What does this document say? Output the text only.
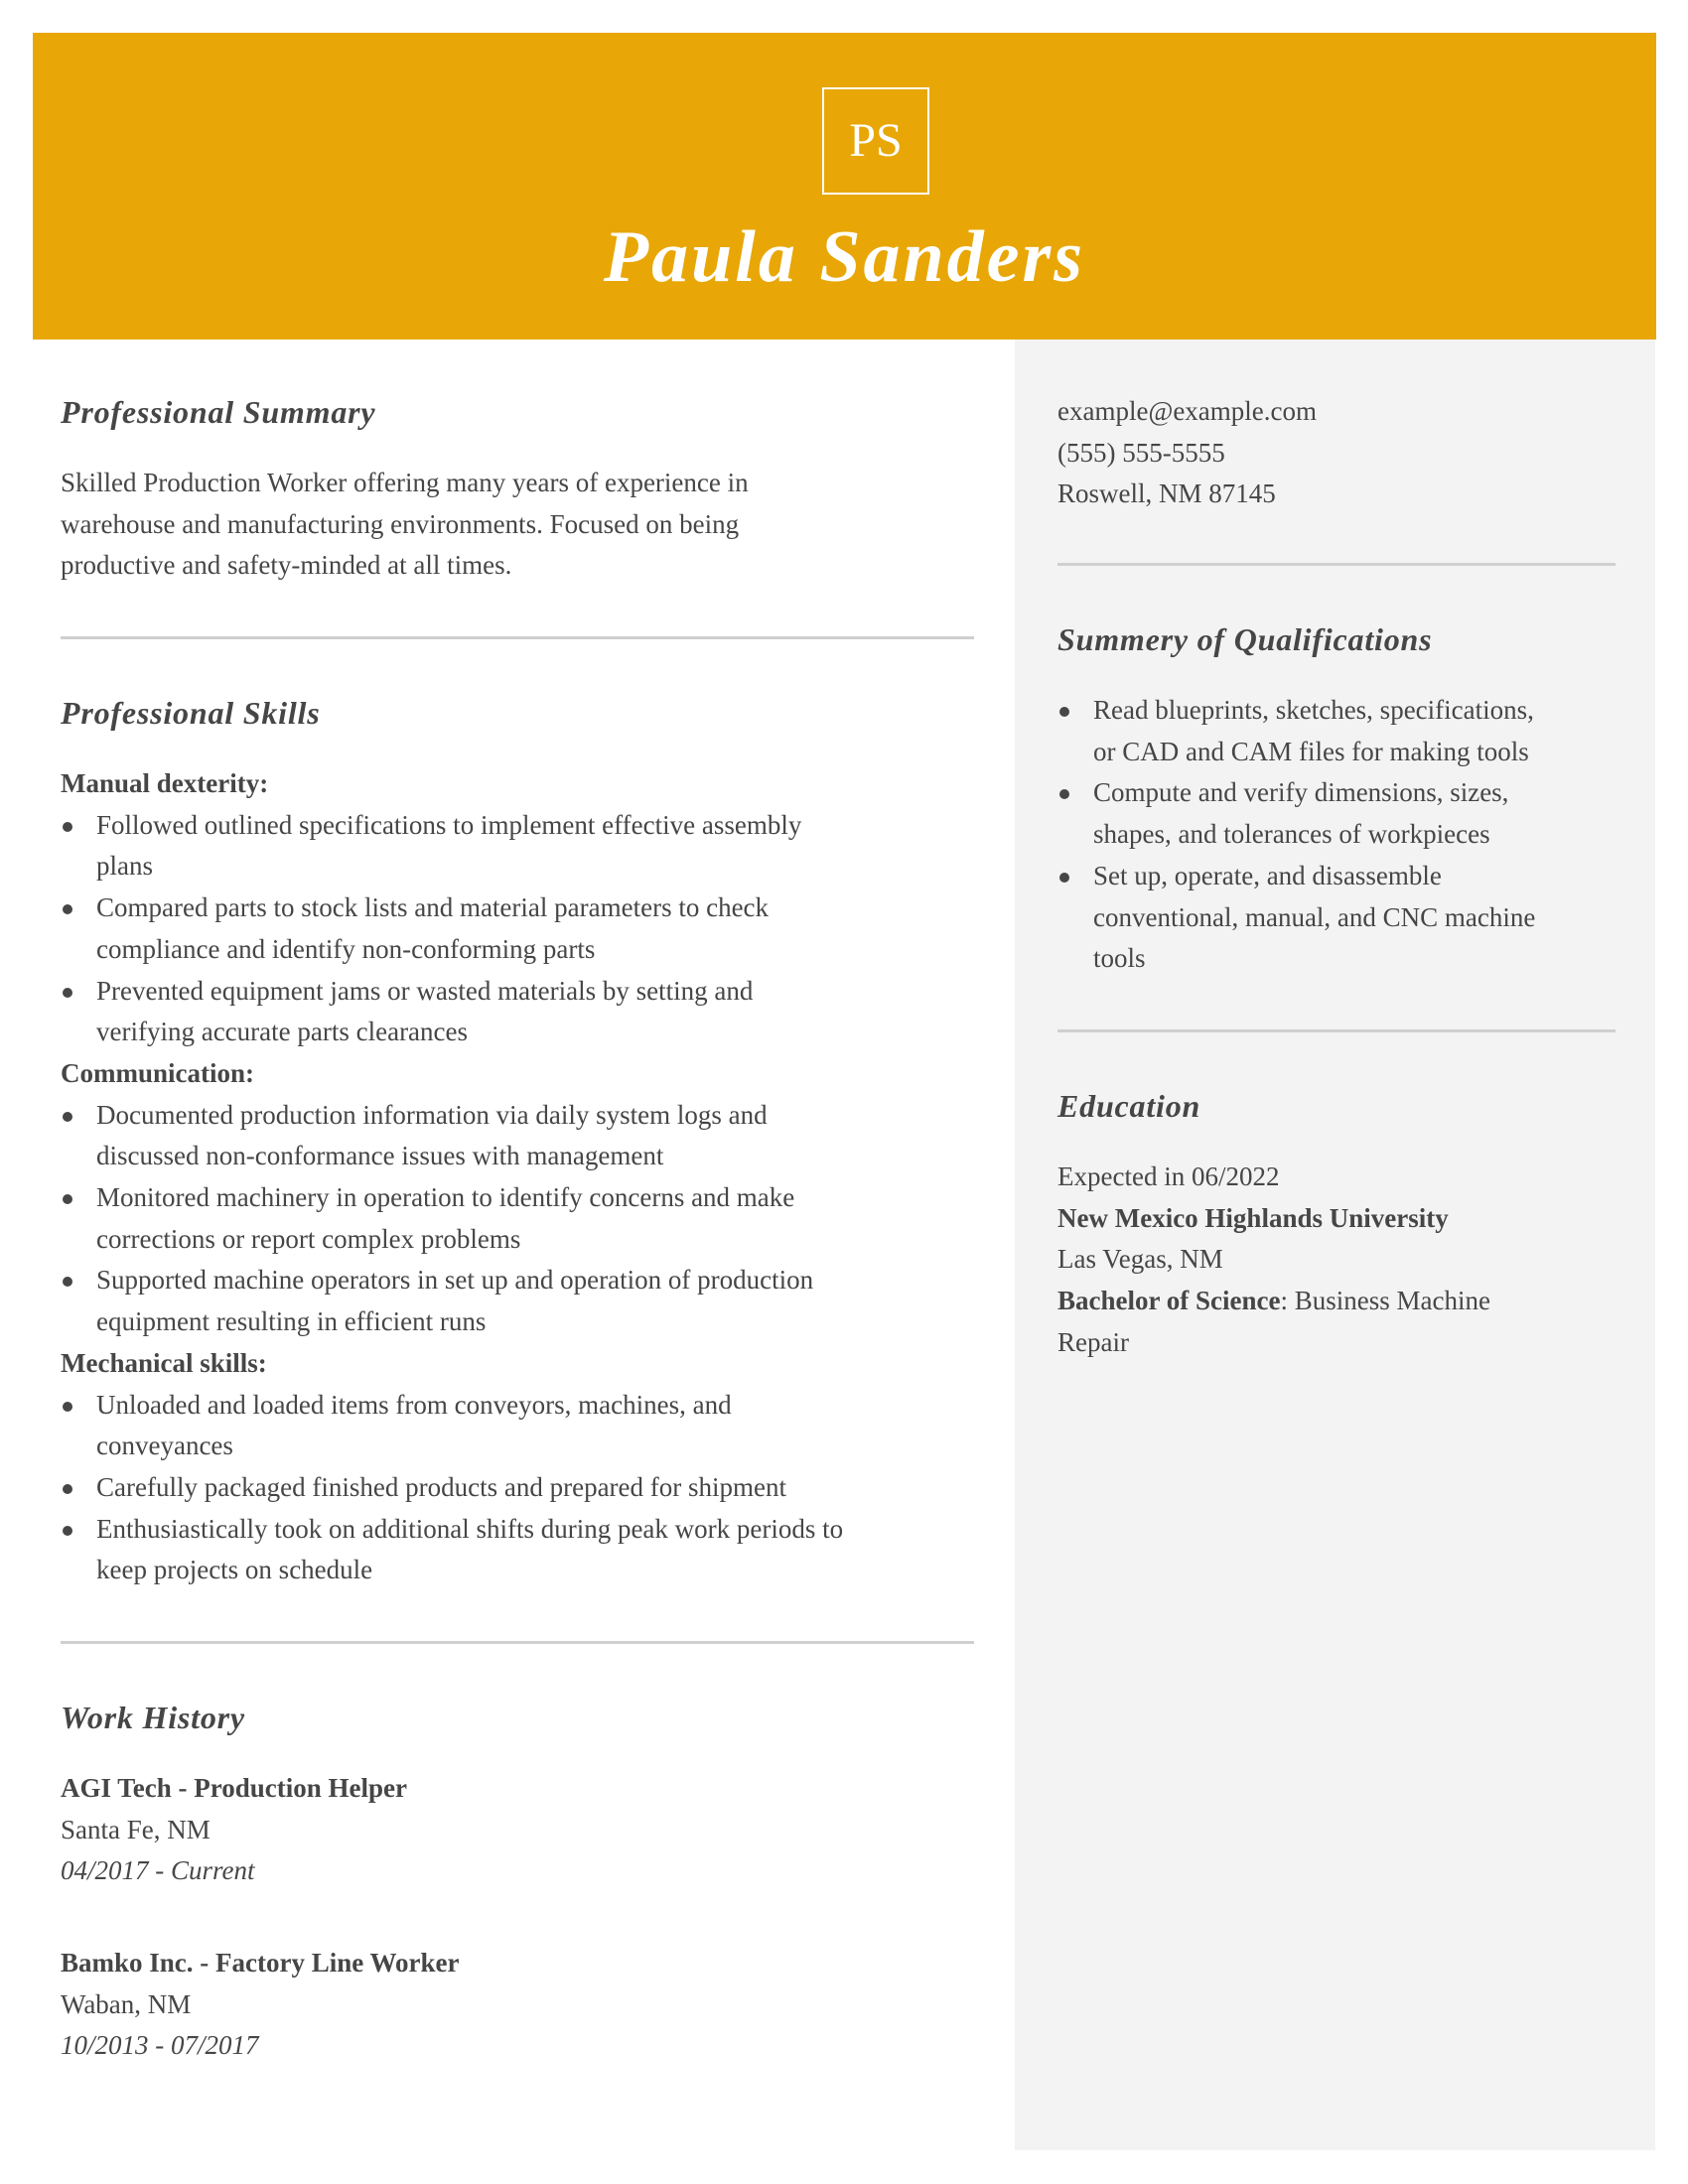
PS
Paula Sanders
example@example.com
(555) 555-5555
Roswell, NM 87145
Summery of Qualifications
Read blueprints, sketches, specifications,
or CAD and CAM files for making tools
Compute and verify dimensions, sizes,
shapes, and tolerances of workpieces
Set up, operate, and disassemble
conventional, manual, and CNC machine
tools
Education
Expected in 06/2022
New Mexico Highlands University
Las Vegas, NM
Bachelor of Science: Business Machine
Repair
Professional Summary

Skilled Production Worker offering many years of experience in

warehouse and manufacturing environments. Focused on being

productive and safety-minded at all times.

Professional Skills
Manual dexterity:
Followed outlined specifications to implement effective assembly
plans
Compared parts to stock lists and material parameters to check
compliance and identify non-conforming parts
Prevented equipment jams or wasted materials by setting and
verifying accurate parts clearances
Communication:
Documented production information via daily system logs and
discussed non-conformance issues with management
Monitored machinery in operation to identify concerns and make
corrections or report complex problems
Supported machine operators in set up and operation of production
equipment resulting in efficient runs
Mechanical skills:
Unloaded and loaded items from conveyors, machines, and
conveyances
Carefully packaged finished products and prepared for shipment
Enthusiastically took on additional shifts during peak work periods to
keep projects on schedule
Work History
AGI Tech - Production Helper
Santa Fe, NM
04/2017 - Current
Bamko Inc. - Factory Line Worker
Waban, NM
10/2013 - 07/2017
